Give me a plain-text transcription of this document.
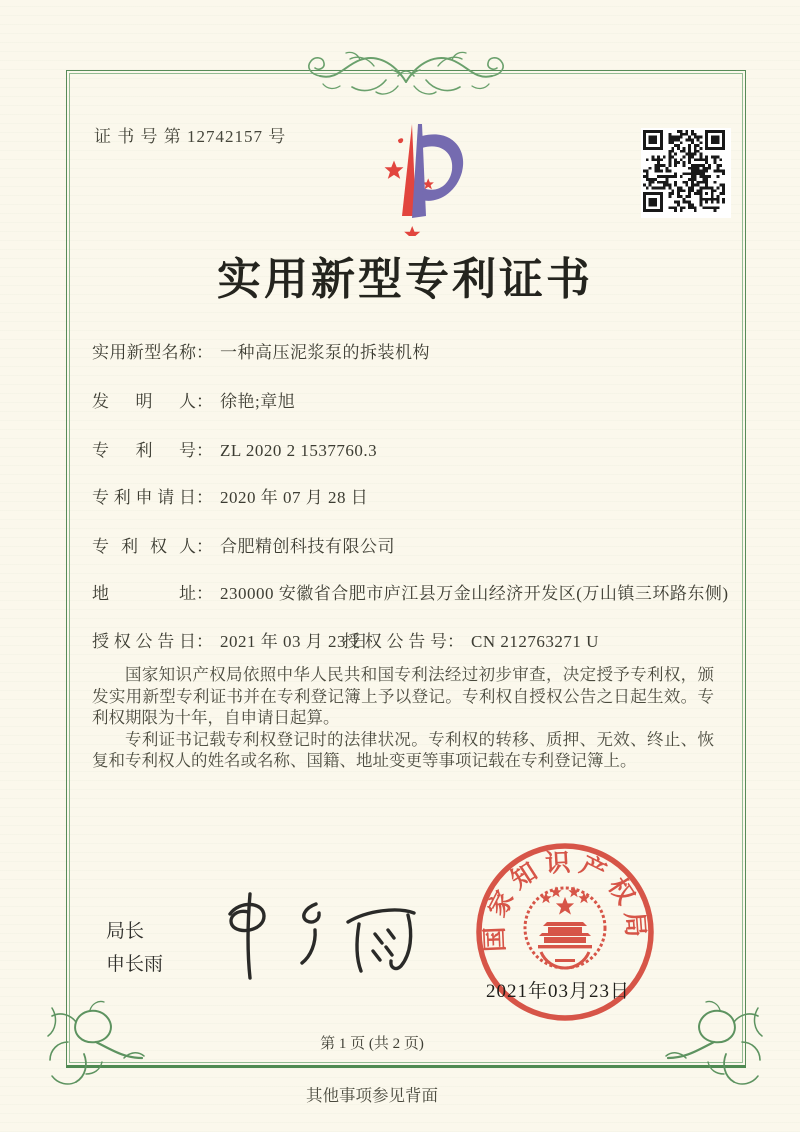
证 书 号 第 12742157 号
实用新型专利证书
实用新型名称 ： 一种高压泥浆泵的拆装机构
发明人 ： 徐艳;章旭
专利号 ： ZL 2020 2 1537760.3
专利申请日 ： 2020 年 07 月 28 日
专利权人 ： 合肥精创科技有限公司
地址 ： 230000 安徽省合肥市庐江县万金山经济开发区(万山镇三环路东侧)
授权公告日 ： 2021 年 03 月 23 日
授权公告号 ： CN 212763271 U

国家知识产权局依照中华人民共和国专利法经过初步审查，决定授予专利权，颁发实用新型专利证书并在专利登记簿上予以登记。专利权自授权公告之日起生效。专利权期限为十年，自申请日起算。

专利证书记载专利权登记时的法律状况。专利权的转移、质押、无效、终止、恢复和专利权人的姓名或名称、国籍、地址变更等事项记载在专利登记簿上。

局长
申长雨
国家知识产权局
2021年03月23日
第 1 页 (共 2 页)
其他事项参见背面
